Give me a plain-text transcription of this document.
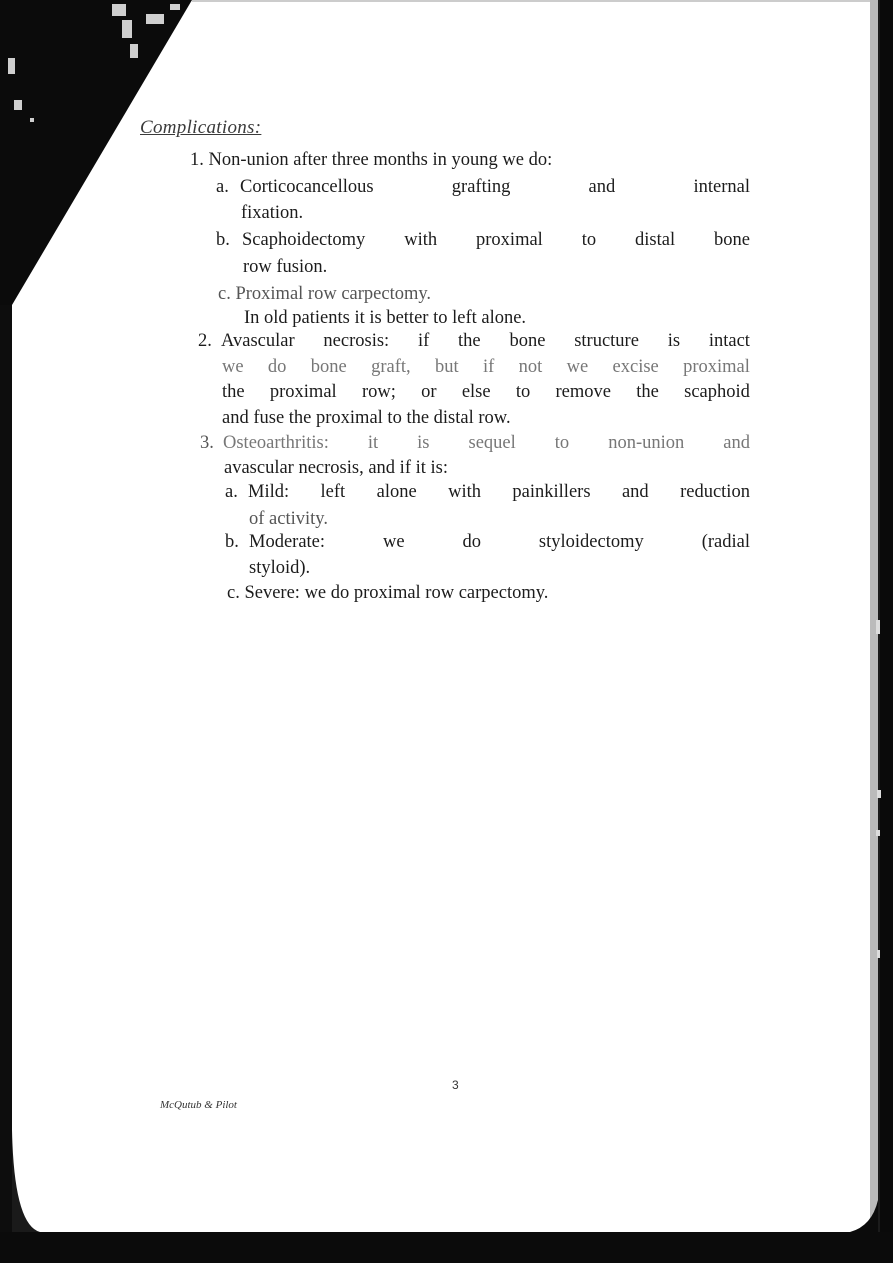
Complications:
1. Non-union after three months in young we do:
a. Corticocancellous	grafting	and	internal
fixation.
b. Scaphoidectomy with proximal to distal bone
row fusion.
c. Proximal row carpectomy.
In old patients it is better to left alone.
2. Avascular necrosis: if the bone structure is intact
we do bone graft, but if not we excise proximal
the proximal row; or else to remove the scaphoid
and fuse the proximal to the distal row.
3. Osteoarthritis: it is sequel to non-union and
avascular necrosis, and if it is:
a. Mild: left alone with painkillers and reduction
of activity.
b. Moderate:	we	do	styloidectomy	(radial
styloid).
c. Severe: we do proximal row carpectomy.
3
McQutub & Pilot
